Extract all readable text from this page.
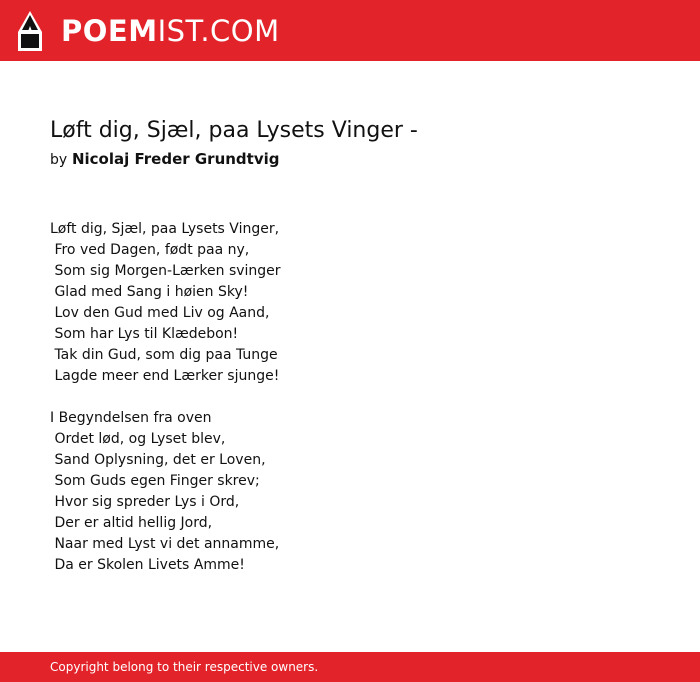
POEMIST.COM
Løft dig, Sjæl, paa Lysets Vinger -
by Nicolaj Freder Grundtvig
Løft dig, Sjæl, paa Lysets Vinger,
Fro ved Dagen, født paa ny,
Som sig Morgen-Lærken svinger
Glad med Sang i høien Sky!
Lov den Gud med Liv og Aand,
Som har Lys til Klædebon!
Tak din Gud, som dig paa Tunge
Lagde meer end Lærker sjunge!
I Begyndelsen fra oven
Ordet lød, og Lyset blev,
Sand Oplysning, det er Loven,
Som Guds egen Finger skrev;
Hvor sig spreder Lys i Ord,
Der er altid hellig Jord,
Naar med Lyst vi det annamme,
Da er Skolen Livets Amme!
Copyright belong to their respective owners.
